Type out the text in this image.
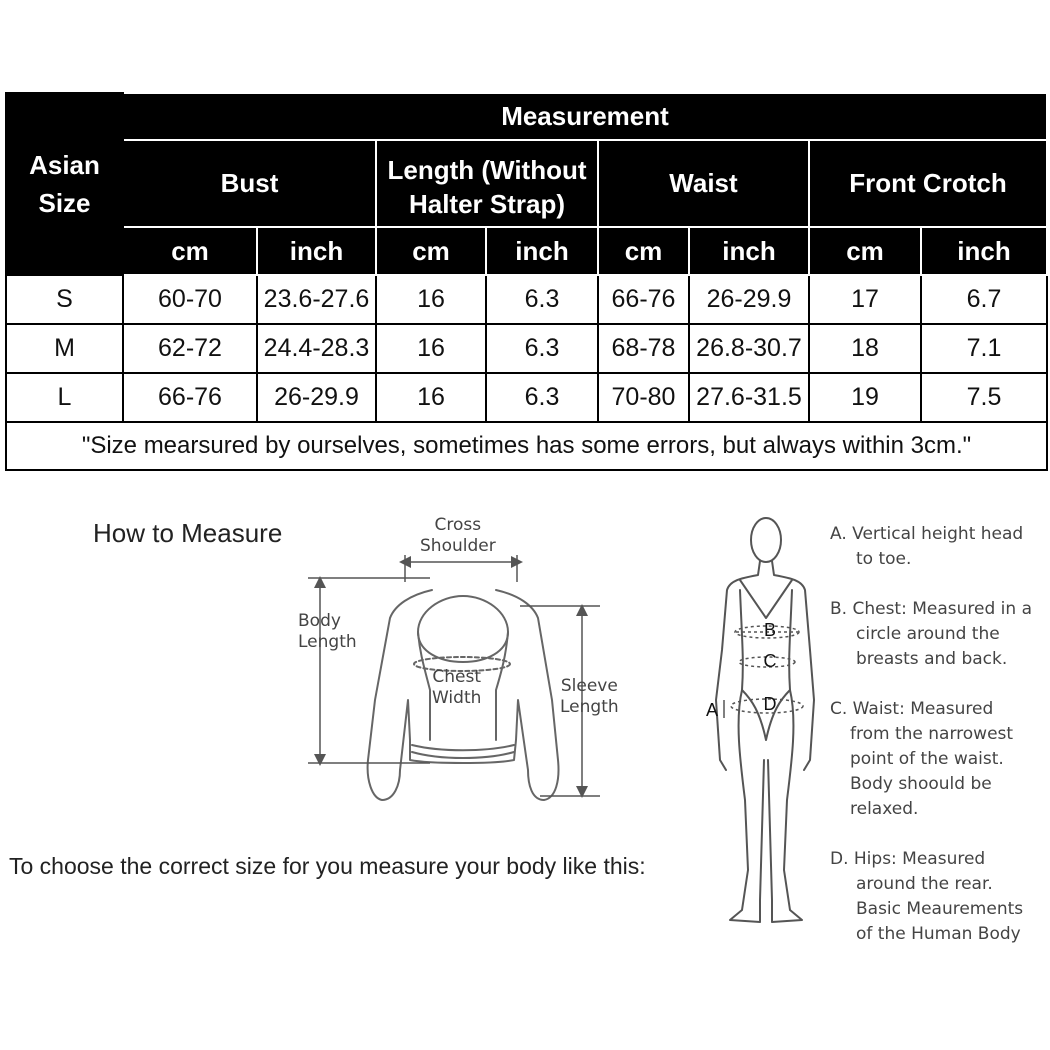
Asian Size	Measurement							
	Bust		Length (Without Halter Strap)		Waist		Front Crotch	
	cm	inch	cm	inch	cm	inch	cm	inch
S	60-70	23.6-27.6	16	6.3	66-76	26-29.9	17	6.7
M	62-72	24.4-28.3	16	6.3	68-78	26.8-30.7	18	7.1
L	66-76	26-29.9	16	6.3	70-80	27.6-31.5	19	7.5
"Size mearsured by ourselves, sometimes has some errors, but always within 3cm."								
B
C
D
A
How to Measure	Cross
Shoulder
Body
Length
Chest
Width
Sleeve
Length
To choose the correct size for you measure your body like this:
A. Vertical height head
to toe.
B. Chest: Measured in a
circle around the
breasts and back.
C. Waist: Measured
from the narrowest
point of the waist.
Body shoould be
relaxed.
D. Hips: Measured
around the rear.
Basic Meaurements
of the Human Body
